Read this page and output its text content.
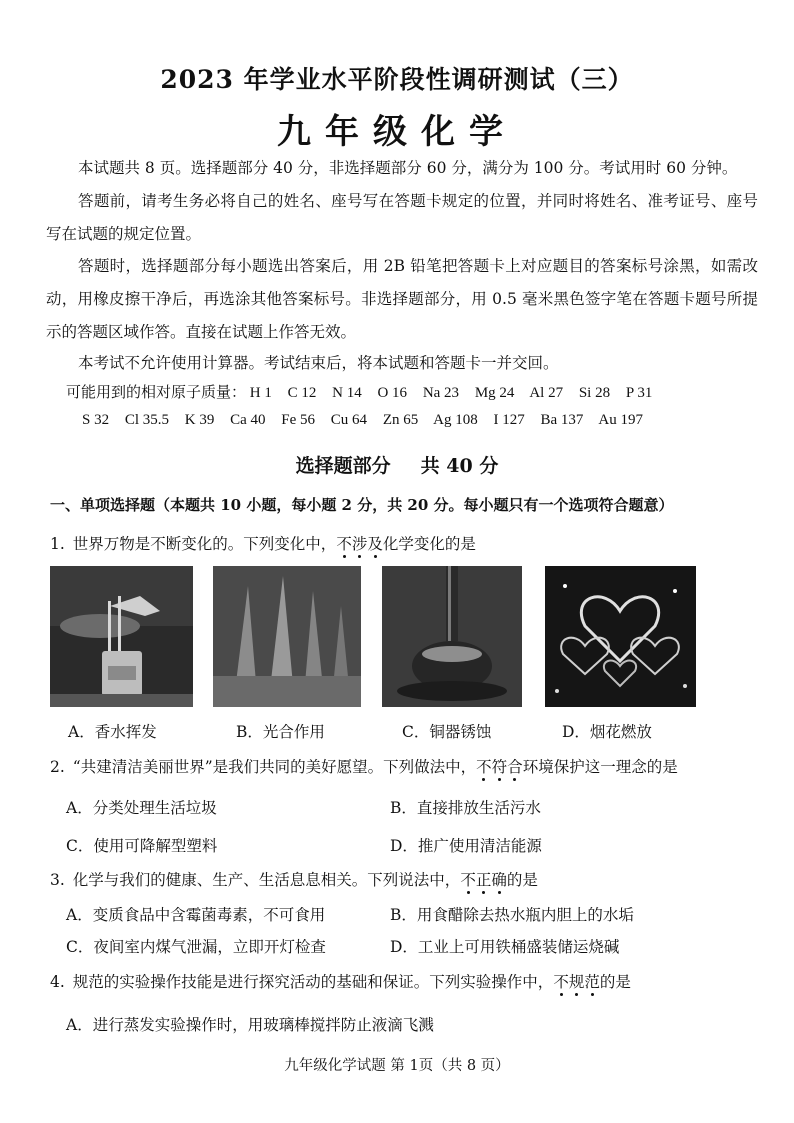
2023 年学业水平阶段性调研测试（三）
九年级化学

本试题共 8 页。选择题部分 40 分，非选择题部分 60 分，满分为 100 分。考试用时 60 分钟。

答题前，请考生务必将自己的姓名、座号写在答题卡规定的位置，并同时将姓名、准考证号、座号写在试题的规定位置。

答题时，选择题部分每小题选出答案后，用 2B 铅笔把答题卡上对应题目的答案标号涂黑，如需改动，用橡皮擦干净后，再选涂其他答案标号。非选择题部分，用 0.5 毫米黑色签字笔在答题卡题号所提示的答题区域作答。直接在试题上作答无效。

本考试不允许使用计算器。考试结束后，将本试题和答题卡一并交回。

可能用到的相对原子质量： H 1 C 12 N 14 O 16 Na 23 Mg 24 Al 27 Si 28 P 31
S 32 Cl 35.5 K 39 Ca 40 Fe 56 Cu 64 Zn 65 Ag 108 I 127 Ba 137 Au 197
选择题部分 共 40 分
一、单项选择题（本题共 10 小题，每小题 2 分，共 20 分。每小题只有一个选项符合题意）
1. 世界万物是不断变化的。下列变化中，不涉及化学变化的是
A．香水挥发	B．光合作用	C．铜器锈蚀	D．烟花燃放
2. “共建清洁美丽世界”是我们共同的美好愿望。下列做法中，不符合环境保护这一理念的是
A．分类处理生活垃圾	B．直接排放生活污水
C．使用可降解型塑料	D．推广使用清洁能源
3. 化学与我们的健康、生产、生活息息相关。下列说法中，不正确的是
A．变质食品中含霉菌毒素，不可食用	B．用食醋除去热水瓶内胆上的水垢
C．夜间室内煤气泄漏，立即开灯检查	D．工业上可用铁桶盛装储运烧碱
4. 规范的实验操作技能是进行探究活动的基础和保证。下列实验操作中，不规范的是
A．进行蒸发实验操作时，用玻璃棒搅拌防止液滴飞溅
九年级化学试题 第 1页（共 8 页）
